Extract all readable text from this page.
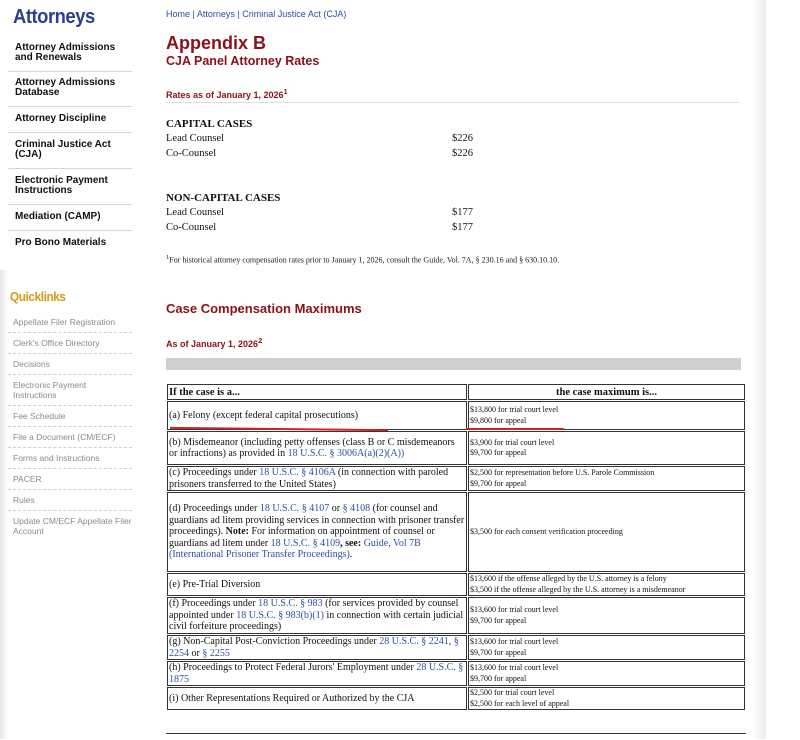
Attorneys
Attorney Admissions and Renewals
Attorney Admissions Database
Attorney Discipline
Criminal Justice Act (CJA)
Electronic Payment Instructions
Mediation (CAMP)
Pro Bono Materials
Quicklinks
Appellate Filer Registration
Clerk's Office Directory
Decisions
Electronic Payment Instructions
Fee Schedule
File a Document (CM/ECF)
Forms and Instructions
PACER
Rules
Update CM/ECF Appellate Filer Account
Home | Attorneys | Criminal Justice Act (CJA)
Appendix B
CJA Panel Attorney Rates
Rates as of January 1, 2026$^1$
CAPITAL CASES
Lead Counsel	$226
Co-Counsel	$226
NON-CAPITAL CASES
Lead Counsel	$177
Co-Counsel	$177
$^1$For historical attorney compensation rates prior to January 1, 2026, consult the Guide, Vol. 7A, § 230.16 and § 630.10.10.
Case Compensation Maximums
As of January 1, 2026$^2$
If the case is a...	the case maximum is...
(a) Felony (except federal capital prosecutions)	$13,800 for trial court level
$9,800 for appeal

(b) Misdemeanor (including petty offenses (class B or C misdemeanors or infractions) as provided in 18 U.S.C. § 3006A(a)(2)(A))	$3,900 for trial court level
$9,700 for appeal

(c) Proceedings under 18 U.S.C. § 4106A (in connection with paroled prisoners transferred to the United States)	$2,500 for representation before U.S. Parole Commission
$9,700 for appeal

(d) Proceedings under 18 U.S.C. § 4107 or § 4108 (for counsel and guardians ad litem providing services in connection with prisoner transfer proceedings). Note: For information on appointment of counsel or guardians ad litem under 18 U.S.C. § 4109, see: Guide, Vol 7B (International Prisoner Transfer Proceedings).	$3,500 for each consent verification proceeding

(e) Pre-Trial Diversion	$13,600 if the offense alleged by the U.S. attorney is a felony
$3,500 if the offense alleged by the U.S. attorney is a misdemeanor

(f) Proceedings under 18 U.S.C. § 983 (for services provided by counsel appointed under 18 U.S.C. § 983(b)(1) in connection with certain judicial civil forfeiture proceedings)	$13,600 for trial court level
$9,700 for appeal

(g) Non-Capital Post-Conviction Proceedings under 28 U.S.C. § 2241, § 2254 or § 2255	$13,600 for trial court level
$9,700 for appeal

(h) Proceedings to Protect Federal Jurors' Employment under 28 U.S.C. § 1875	$13,600 for trial court level
$9,700 for appeal

(i) Other Representations Required or Authorized by the CJA	$2,500 for trial court level
$2,500 for each level of appeal
